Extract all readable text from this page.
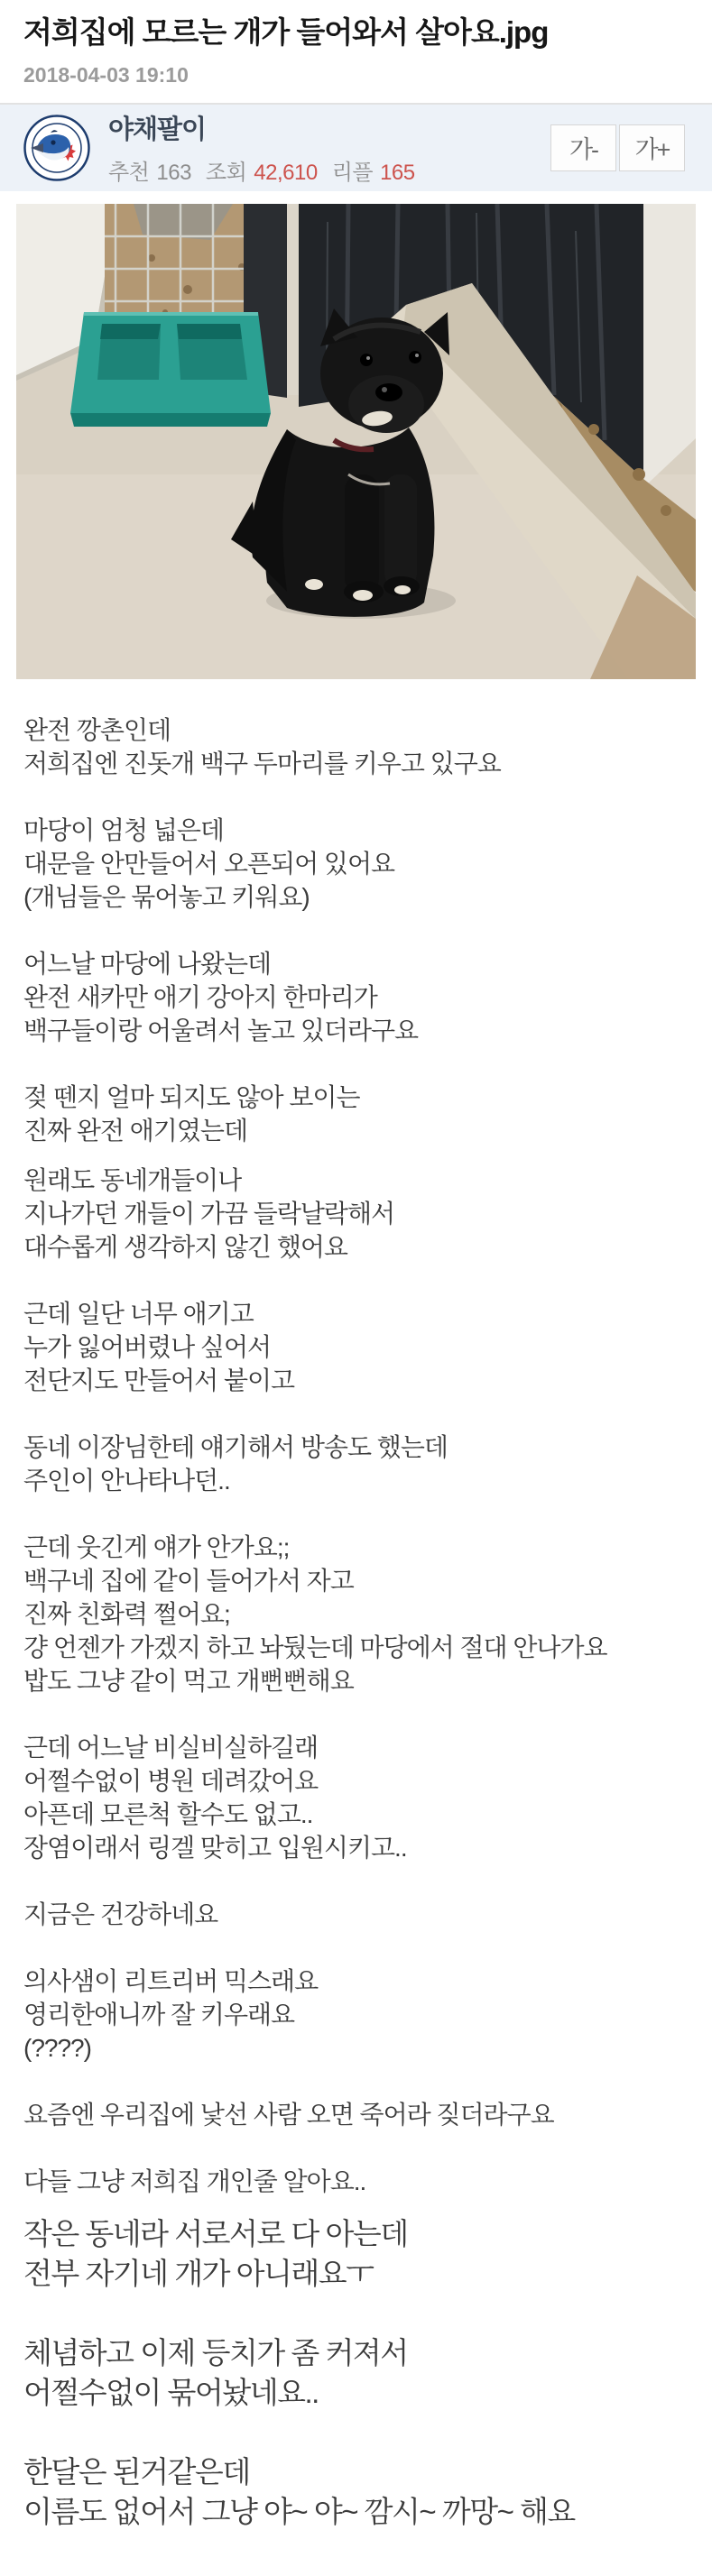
저희집에 모르는 개가 들어와서 살아요.jpg
2018-04-03 19:10
야채팔이
추천 163 조회 42,610 리플 165
가-	가+

완전 깡촌인데
저희집엔 진돗개 백구 두마리를 키우고 있구요

마당이 엄청 넓은데
대문을 안만들어서 오픈되어 있어요
(개님들은 묶어놓고 키워요)

어느날 마당에 나왔는데
완전 새카만 애기 강아지 한마리가
백구들이랑 어울려서 놀고 있더라구요

젖 뗀지 얼마 되지도 않아 보이는
진짜 완전 애기였는데

원래도 동네개들이나
지나가던 개들이 가끔 들락날락해서
대수롭게 생각하지 않긴 했어요

근데 일단 너무 애기고
누가 잃어버렸나 싶어서
전단지도 만들어서 붙이고

동네 이장님한테 얘기해서 방송도 했는데
주인이 안나타나던..

근데 웃긴게 얘가 안가요;;
백구네 집에 같이 들어가서 자고
진짜 친화력 쩔어요;
걍 언젠가 가겠지 하고 놔뒀는데 마당에서 절대 안나가요
밥도 그냥 같이 먹고 개뻔뻔해요

근데 어느날 비실비실하길래
어쩔수없이 병원 데려갔어요
아픈데 모른척 할수도 없고..
장염이래서 링겔 맞히고 입원시키고..

지금은 건강하네요

의사샘이 리트리버 믹스래요
영리한애니까 잘 키우래요
(????)

요즘엔 우리집에 낯선 사람 오면 죽어라 짖더라구요

다들 그냥 저희집 개인줄 알아요..

작은 동네라 서로서로 다 아는데
전부 자기네 개가 아니래요ㅜ

체념하고 이제 등치가 좀 커져서
어쩔수없이 묶어놨네요..

한달은 된거같은데
이름도 없어서 그냥 야~ 야~ 깜시~ 까망~ 해요
